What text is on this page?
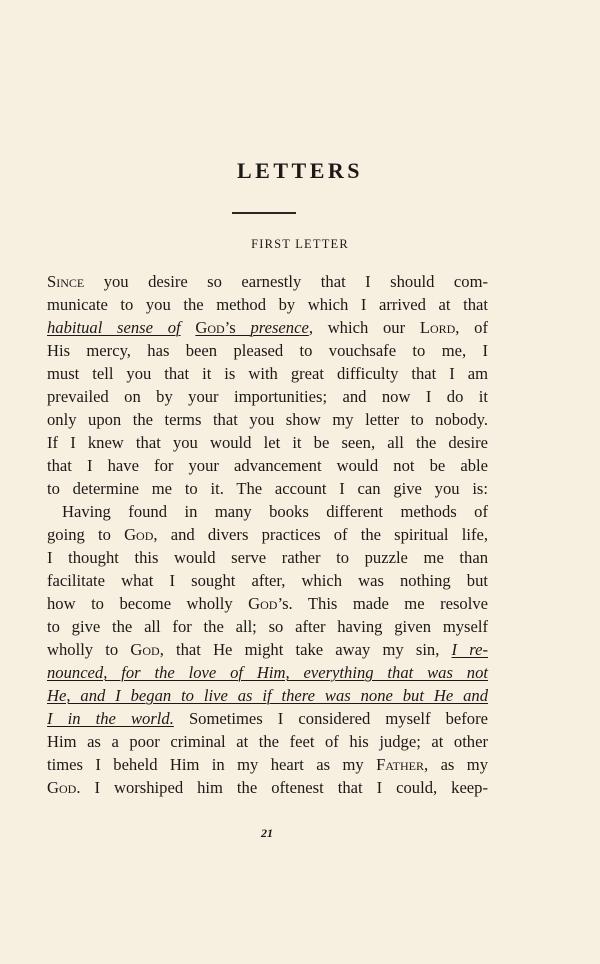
LETTERS
FIRST LETTER
Since you desire so earnestly that I should com-
municate to you the method by which I arrived at that
habitual sense of God’s presence, which our Lord, of
His mercy, has been pleased to vouchsafe to me, I
must tell you that it is with great difficulty that I am
prevailed on by your importunities; and now I do it
only upon the terms that you show my letter to nobody.
If I knew that you would let it be seen, all the desire
that I have for your advancement would not be able
to determine me to it. The account I can give you is:
Having found in many books different methods of
going to God, and divers practices of the spiritual life,
I thought this would serve rather to puzzle me than
facilitate what I sought after, which was nothing but
how to become wholly God’s. This made me resolve
to give the all for the all; so after having given myself
wholly to God, that He might take away my sin, I re-
nounced, for the love of Him, everything that was not
He, and I began to live as if there was none but He and
I in the world. Sometimes I considered myself before
Him as a poor criminal at the feet of his judge; at other
times I beheld Him in my heart as my Father, as my
God. I worshiped him the oftenest that I could, keep-
21
